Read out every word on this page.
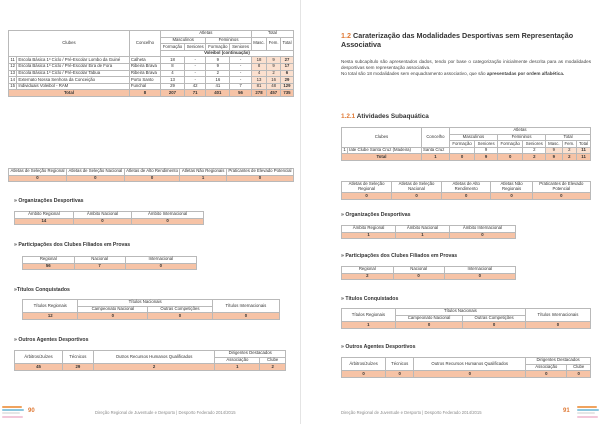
Clubes		Concelho	Atletas				Total		
			Masculinos		Femininos		Masc.	Fem.	Total
			Formação	Seniores	Formação	Seniores			
			Voleibol (continuação)						
11	Escola Básica 1º Ciclo / Pré-Escolar Lombo da Guiné	Calheta	18	-	9	-	18	9	27
12	Escola Básica 1º Ciclo / Pré-Escolar Eira de Fora	Ribeira Brava	8	-	9	-	8	9	17
13	Escola Básica 1º Ciclo / Pré-Escolar Tabua	Ribeira Brava	4	-	2	-	4	2	6
14	Externato Nossa Senhora da Conceição	Porto Santo	13	-	16	-	13	16	29
15	Individuais Voleibol - RAM	Funchal	29	42	41	7	81	48	129
Total		8	207	71	401	56	278	457	735
Atletas de Seleção Regional	Atletas de Seleção Nacional	Atletas de Alto Rendimento	Atletas Não Regionais	Praticantes de Elevado Potencial
0	0	0	1	0
» Organizações Desportivas
Âmbito Regional	Âmbito Nacional	Âmbito Internacional
14	0	0
» Participações dos Clubes Filiados em Provas
Regional	Nacional	Internacional
56	7	0
»Títulos Conquistados
Títulos Regionais	Títulos Nacionais		Títulos Internacionais
	Campeonato Nacional	Outras Competições	
12	0	0	0
» Outros Agentes Desportivos
Árbitros/Juízes	Técnicos	Outros Recursos Humanos Qualificados	Dirigentes Destacados	
			Associação	Clube
45	29	2	1	2
90	Direção Regional de Juventude e Desporto | Desporto Federado 2014/2015
1.2 Caraterização das Modalidades Desportivas sem Representação Associativa

Nesta subcapítulo são apresentados dados, tendo por base o categorização inicialmente descrita para as modalidades desportivas sem representação associativa.

No total são 18 modalidades sem enquadramento associativo, que são apresentadas por ordem alfabética.

1.2.1 Atividades Subaquática
Clubes		Concelho	Atletas						
			Masculinos		Femininos		Total		
			Formação	Seniores	Formação	Seniores	Masc.	Fem.	Total
1	Iate Clube Santa Cruz (Madeira)	Santa Cruz	-	9	-	2	9	2	11
Total		1	0	9	0	2	9	2	11
Atletas de Seleção Regional	Atletas de Seleção Nacional	Atletas de Alto Rendimento	Atletas Não Regionais	Praticantes de Elevado Potencial
0	0	0	0	0
» Organizações Desportivas
Âmbito Regional	Âmbito Nacional	Âmbito Internacional
1	1	0
» Participações dos Clubes Filiados em Provas
Regional	Nacional	Internacional
2	0	0
» Títulos Conquistados
Títulos Regionais	Títulos Nacionais		Títulos Internacionais
	Campeonato Nacional	Outras Competições	
1	0	0	0
» Outros Agentes Desportivos
Árbitros/Juízes	Técnicos	Outros Recursos Humanos Qualificados	Dirigentes Destacados	
			Associação	Clube
0	0	0	0	0
Direção Regional de Juventude e Desporto | Desporto Federado 2014/2015	91
